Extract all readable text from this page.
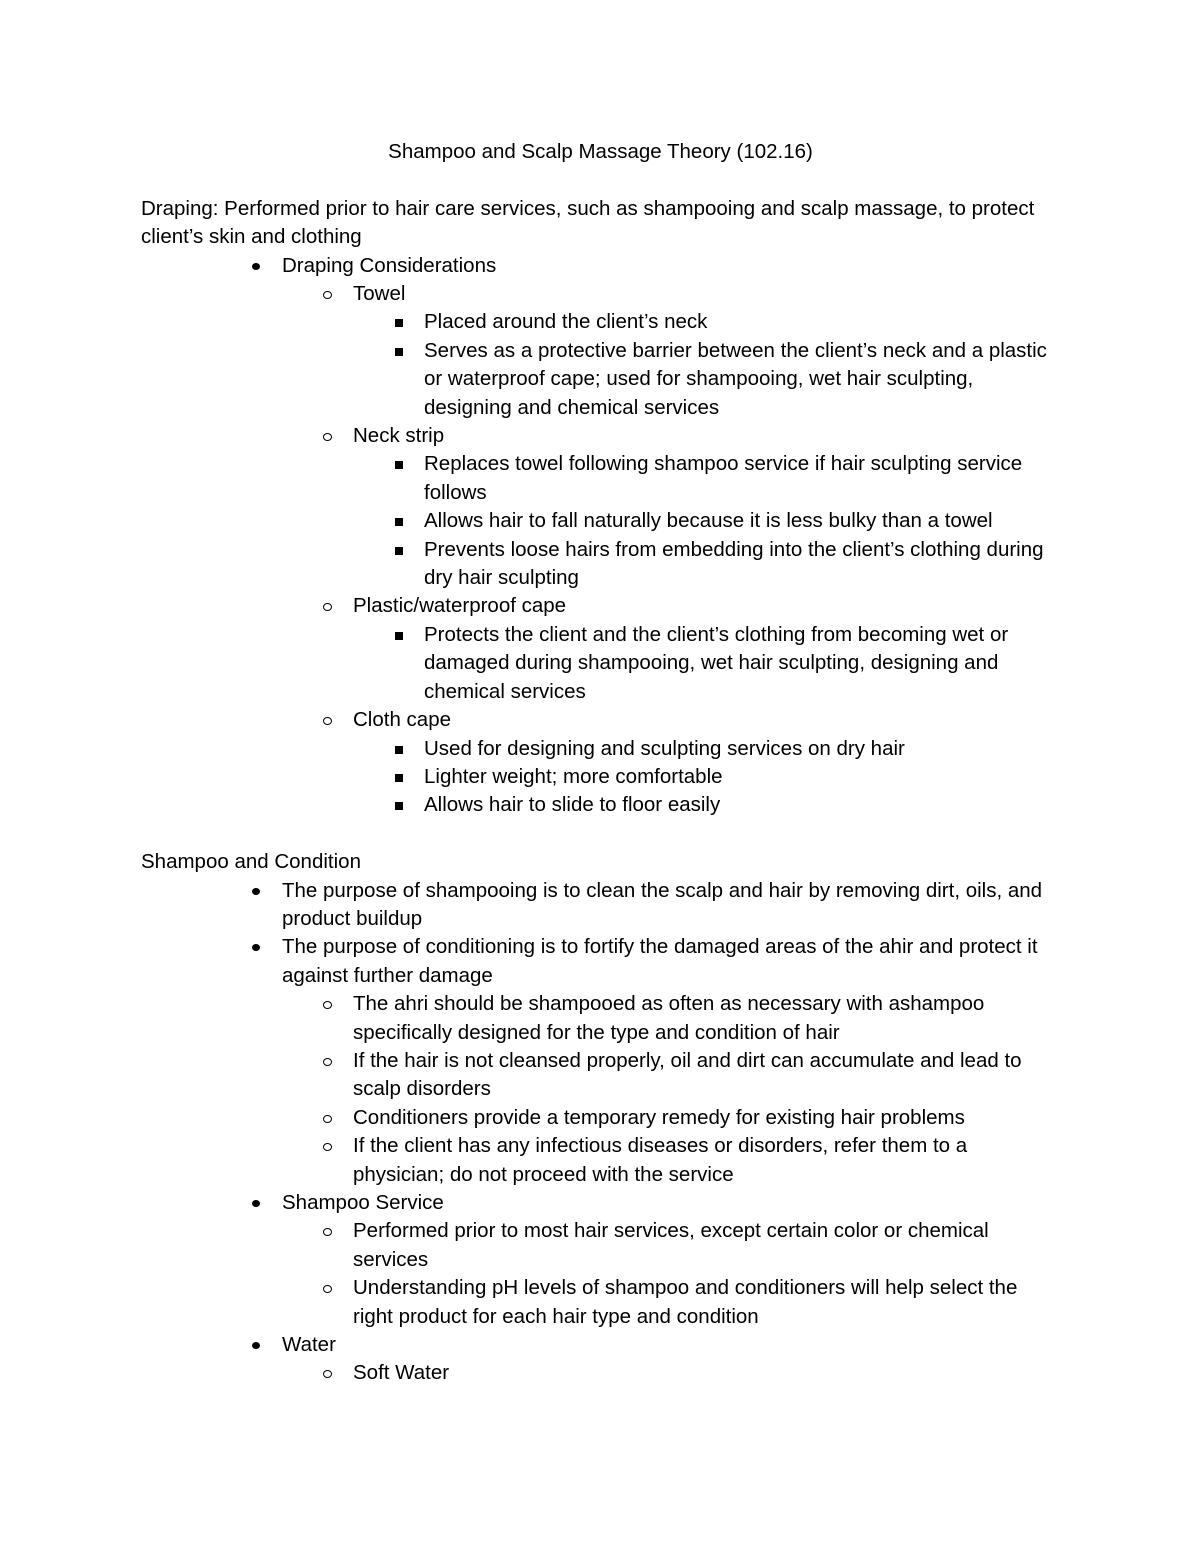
Shampoo and Scalp Massage Theory (102.16)

Draping: Performed prior to hair care services, such as shampooing and scalp massage, to protect client’s skin and clothing

Draping Considerations
Towel
Placed around the client’s neck
Serves as a protective barrier between the client’s neck and a plastic or waterproof cape; used for shampooing, wet hair sculpting, designing and chemical services
Neck strip
Replaces towel following shampoo service if hair sculpting service follows
Allows hair to fall naturally because it is less bulky than a towel
Prevents loose hairs from embedding into the client’s clothing during dry hair sculpting
Plastic/waterproof cape
Protects the client and the client’s clothing from becoming wet or damaged during shampooing, wet hair sculpting, designing and chemical services
Cloth cape
Used for designing and sculpting services on dry hair
Lighter weight; more comfortable
Allows hair to slide to floor easily

Shampoo and Condition

The purpose of shampooing is to clean the scalp and hair by removing dirt, oils, and product buildup
The purpose of conditioning is to fortify the damaged areas of the ahir and protect it against further damage
The ahri should be shampooed as often as necessary with ashampoo specifically designed for the type and condition of hair
If the hair is not cleansed properly, oil and dirt can accumulate and lead to scalp disorders
Conditioners provide a temporary remedy for existing hair problems
If the client has any infectious diseases or disorders, refer them to a physician; do not proceed with the service
Shampoo Service
Performed prior to most hair services, except certain color or chemical services
Understanding pH levels of shampoo and conditioners will help select the right product for each hair type and condition
Water
Soft Water
